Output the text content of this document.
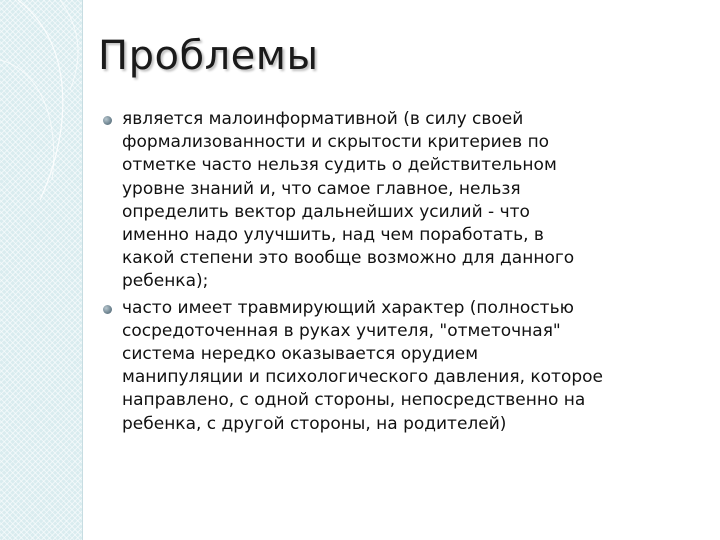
Проблемы
является малоинформативной (в силу своей
формализованности и скрытости критериев по
отметке часто нельзя судить о действительном
уровне знаний и, что самое главное, нельзя
определить вектор дальнейших усилий - что
именно надо улучшить, над чем поработать, в
какой степени это вообще возможно для данного
ребенка);
часто имеет травмирующий характер (полностью
сосредоточенная в руках учителя, "отметочная"
система нередко оказывается орудием
манипуляции и психологического давления, которое
направлено, с одной стороны, непосредственно на
ребенка, с другой стороны, на родителей)
